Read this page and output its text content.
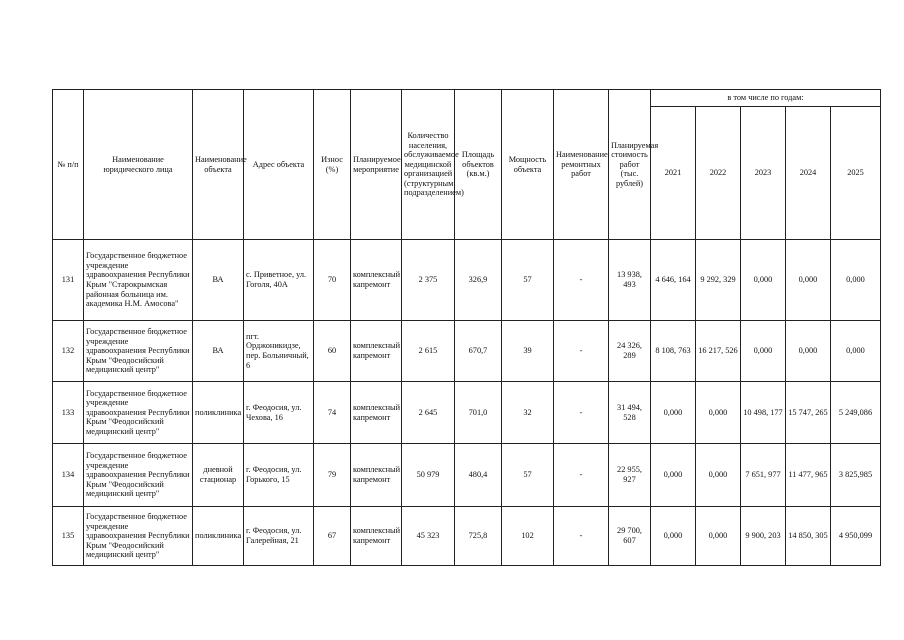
№ п/п	Наименование юридического лица	Наименование объекта	Адрес объекта	Износ (%)	Планируемое мероприятие	Количество населения, обслуживаемое медицинской организацией (структурным подразделением)	Площадь объектов (кв.м.)	Мощность объекта	Наименование ремонтных работ	Планируемая стоимость работ (тыс. рублей)	в том числе по годам:				
											2021	2022	2023	2024	2025
131	Государственное бюджетное учреждение здравоохранения Республики Крым "Старокрымская районная больница им. академика Н.М. Амосова"	ВА	с. Приветное, ул. Гоголя, 40А	70	комплексный капремонт	2 375	326,9	57	-	13 938, 493	4 646, 164	9 292, 329	0,000	0,000	0,000
132	Государственное бюджетное учреждение здравоохранения Республики Крым "Феодосийский медицинский центр"	ВА	пгт. Орджоникидзе, пер. Больничный, 6	60	комплексный капремонт	2 615	670,7	39	-	24 326, 289	8 108, 763	16 217, 526	0,000	0,000	0,000
133	Государственное бюджетное учреждение здравоохранения Республики Крым "Феодосийский медицинский центр"	поликлиника	г. Феодосия, ул. Чехова, 16	74	комплексный капремонт	2 645	701,0	32	-	31 494, 528	0,000	0,000	10 498, 177	15 747, 265	5 249,086
134	Государственное бюджетное учреждение здравоохранения Республики Крым "Феодосийский медицинский центр"	дневной стационар	г. Феодосия, ул. Горького, 15	79	комплексный капремонт	50 979	480,4	57	-	22 955, 927	0,000	0,000	7 651, 977	11 477, 965	3 825,985
135	Государственное бюджетное учреждение здравоохранения Республики Крым "Феодосийский медицинский центр"	поликлиника	г. Феодосия, ул. Галерейная, 21	67	комплексный капремонт	45 323	725,8	102	-	29 700, 607	0,000	0,000	9 900, 203	14 850, 305	4 950,099
